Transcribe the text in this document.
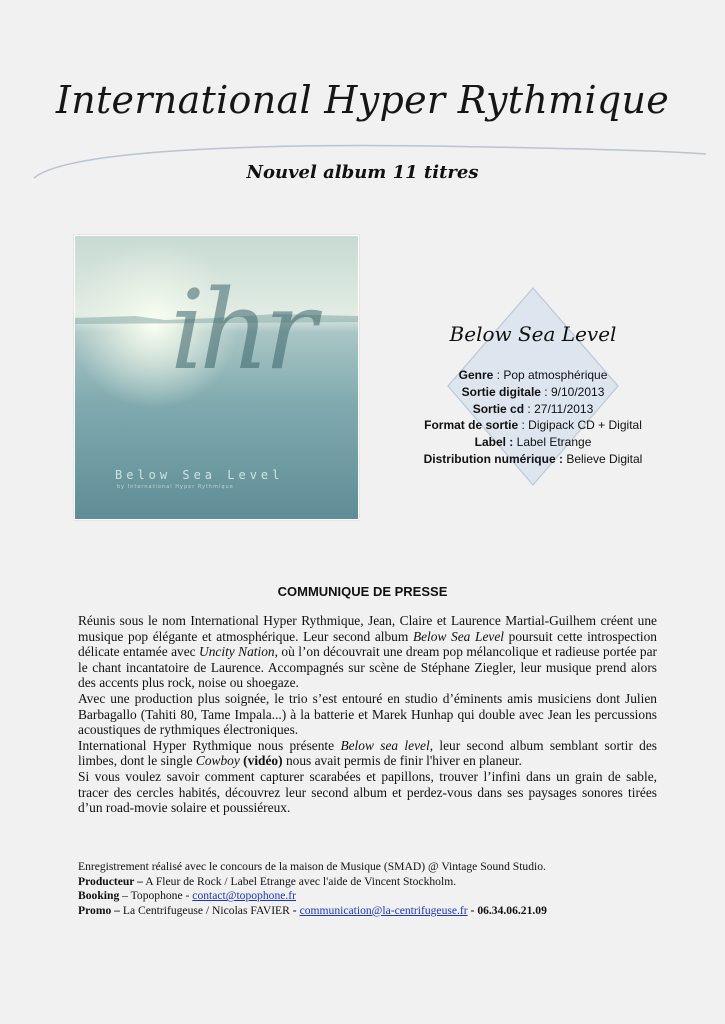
International Hyper Rythmique
Nouvel album 11 titres
ihr
Below Sea Level
by International Hyper Rythmique
Below Sea Level
Genre : Pop atmosphérique
Sortie digitale : 9/10/2013
Sortie cd : 27/11/2013
Format de sortie : Digipack CD + Digital
Label : Label Etrange
Distribution numérique : Believe Digital
COMMUNIQUE DE PRESSE

Réunis sous le nom International Hyper Rythmique, Jean, Claire et Laurence Martial-Guilhem créent une musique pop élégante et atmosphérique. Leur second album Below Sea Level poursuit cette introspection délicate entamée avec Uncity Nation, où l’on découvrait une dream pop mélancolique et radieuse portée par le chant incantatoire de Laurence. Accompagnés sur scène de Stéphane Ziegler, leur musique prend alors des accents plus rock, noise ou shoegaze.

Avec une production plus soignée, le trio s’est entouré en studio d’éminents amis musiciens dont Julien Barbagallo (Tahiti 80, Tame Impala...) à la batterie et Marek Hunhap qui double avec Jean les percussions acoustiques de rythmiques électroniques.

International Hyper Rythmique nous présente Below sea level, leur second album semblant sortir des limbes, dont le single Cowboy (vidéo) nous avait permis de finir l'hiver en planeur.

Si vous voulez savoir comment capturer scarabées et papillons, trouver l’infini dans un grain de sable, tracer des cercles habités, découvrez leur second album et perdez-vous dans ses paysages sonores tirées d’un road-movie solaire et poussiéreux.

Enregistrement réalisé avec le concours de la maison de Musique (SMAD) @ Vintage Sound Studio.
Producteur – A Fleur de Rock / Label Etrange avec l'aide de Vincent Stockholm.
Booking – Topophone - contact@topophone.fr
Promo – La Centrifugeuse / Nicolas FAVIER - communication@la-centrifugeuse.fr - 06.34.06.21.09
